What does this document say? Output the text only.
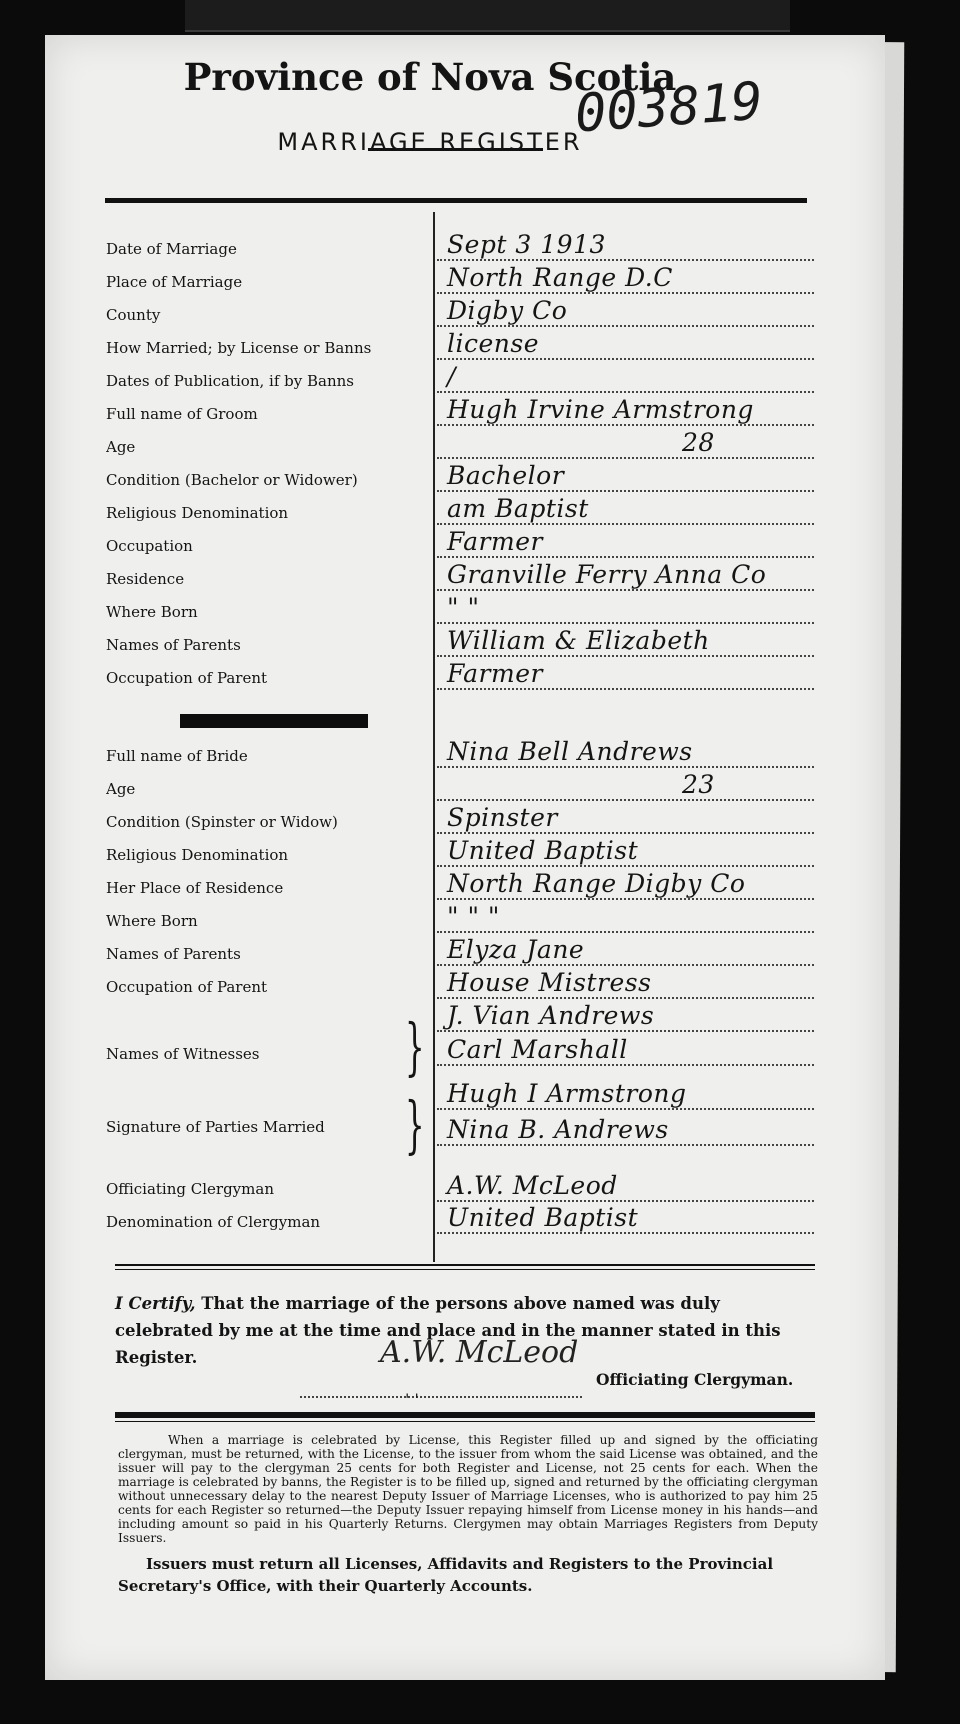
Province of Nova Scotia
MARRIAGE REGISTER
003819
Names of Witnesses	} J. Vian Andrews
Carl Marshall
Signature of Parties Married	} Hugh I Armstrong
Nina B. Andrews
Officiating Clergyman	A.W. McLeod
Denomination of Clergyman	United Baptist
I Certify, That the marriage of the persons above named was duly celebrated by me at the time and place and in the manner stated in this Register.	A.W. McLeod
' '
Officiating Clergyman.
When a marriage is celebrated by License, this Register filled up and signed by the officiating clergyman, must be returned, with the License, to the issuer from whom the said License was obtained, and the issuer will pay to the clergyman 25 cents for both Register and License, not 25 cents for each. When the marriage is celebrated by banns, the Register is to be filled up, signed and returned by the officiating clergyman without unnecessary delay to the nearest Deputy Issuer of Marriage Licenses, who is authorized to pay him 25 cents for each Register so returned—the Deputy Issuer repaying himself from License money in his hands—and including amount so paid in his Quarterly Returns. Clergymen may obtain Marriages Registers from Deputy Issuers.
Issuers must return all Licenses, Affidavits and Registers to the Provincial Secretary's Office, with their Quarterly Accounts.
Date of Marriage	Sept 3 1913
Place of Marriage	North Range D.C
County	Digby Co
How Married; by License or Banns	license
Dates of Publication, if by Banns	/
Full name of Groom	Hugh Irvine Armstrong
Age	28
Condition (Bachelor or Widower)	Bachelor
Religious Denomination	am Baptist
Occupation	Farmer
Residence	Granville Ferry Anna Co
Where Born	" "
Names of Parents	William & Elizabeth
Occupation of Parent	Farmer
Full name of Bride	Nina Bell Andrews
Age	23
Condition (Spinster or Widow)	Spinster
Religious Denomination	United Baptist
Her Place of Residence	North Range Digby Co
Where Born	" " "
Names of Parents	Elyza Jane
Occupation of Parent	House Mistress
